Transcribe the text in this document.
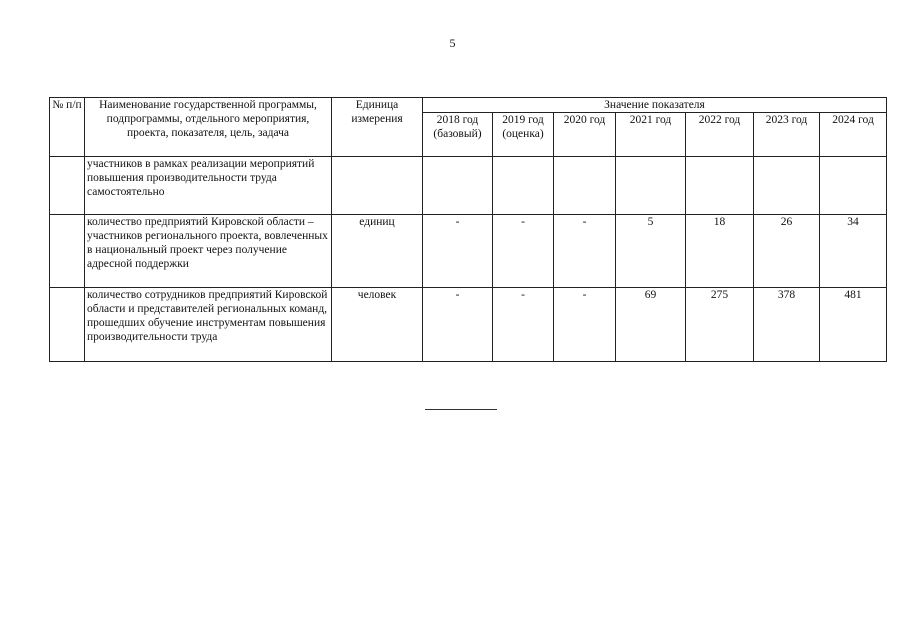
5
№ п/п	Наименование государственной программы, подпрограммы, отдельного мероприятия, проекта, показателя, цель, задача	Единица измерения	Значение показателя						
			2018 год (базовый)	2019 год (оценка)	2020 год	2021 год	2022 год	2023 год	2024 год
	участников в рамках реализации мероприятий повышения производительности труда самостоятельно								
	количество предприятий Кировской области – участников регионального проекта, вовлеченных в национальный проект через получение адресной поддержки	единиц	-	-	-	5	18	26	34
	количество сотрудников предприятий Кировской области и представителей региональных команд, прошедших обучение инструментам повышения производительности труда	человек	-	-	-	69	275	378	481
